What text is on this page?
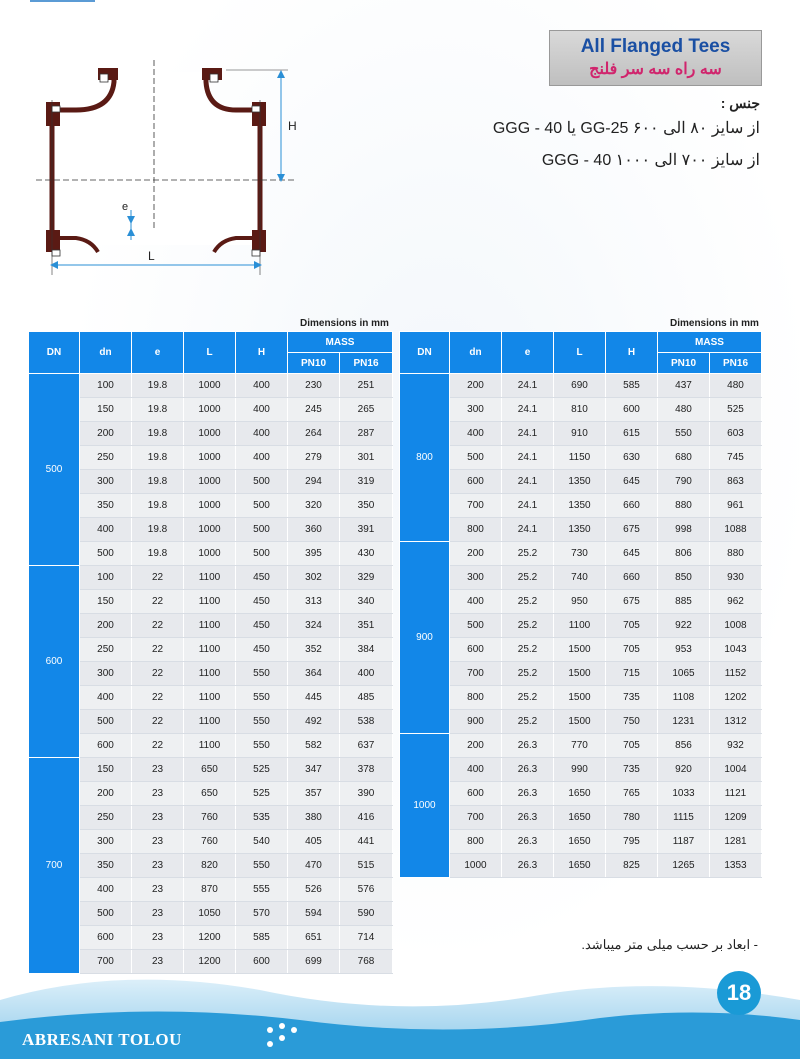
All Flanged Tees
سه راه سه سر فلنج
جنس :
از سایز ۸۰ الی ۶۰۰ GG-25 یا GGG - 40
از سایز ۷۰۰ الی ۱۰۰۰ GGG - 40
H
L
e
Dimensions in mm
DN	dn	e	L	H	MASS	
					PN10	PN16
500	100	19.8	1000	400	230	251
	150	19.8	1000	400	245	265
	200	19.8	1000	400	264	287
	250	19.8	1000	400	279	301
	300	19.8	1000	500	294	319
	350	19.8	1000	500	320	350
	400	19.8	1000	500	360	391
	500	19.8	1000	500	395	430
600	100	22	1100	450	302	329
	150	22	1100	450	313	340
	200	22	1100	450	324	351
	250	22	1100	450	352	384
	300	22	1100	550	364	400
	400	22	1100	550	445	485
	500	22	1100	550	492	538
	600	22	1100	550	582	637
700	150	23	650	525	347	378
	200	23	650	525	357	390
	250	23	760	535	380	416
	300	23	760	540	405	441
	350	23	820	550	470	515
	400	23	870	555	526	576
	500	23	1050	570	594	590
	600	23	1200	585	651	714
	700	23	1200	600	699	768
Dimensions in mm
DN	dn	e	L	H	MASS	
					PN10	PN16
800	200	24.1	690	585	437	480
	300	24.1	810	600	480	525
	400	24.1	910	615	550	603
	500	24.1	1150	630	680	745
	600	24.1	1350	645	790	863
	700	24.1	1350	660	880	961
	800	24.1	1350	675	998	1088
900	200	25.2	730	645	806	880
	300	25.2	740	660	850	930
	400	25.2	950	675	885	962
	500	25.2	1100	705	922	1008
	600	25.2	1500	705	953	1043
	700	25.2	1500	715	1065	1152
	800	25.2	1500	735	1108	1202
	900	25.2	1500	750	1231	1312
1000	200	26.3	770	705	856	932
	400	26.3	990	735	920	1004
	600	26.3	1650	765	1033	1121
	700	26.3	1650	780	1115	1209
	800	26.3	1650	795	1187	1281
	1000	26.3	1650	825	1265	1353
- ابعاد بر حسب میلی متر میباشد.
18
ABRESANI TOLOU
